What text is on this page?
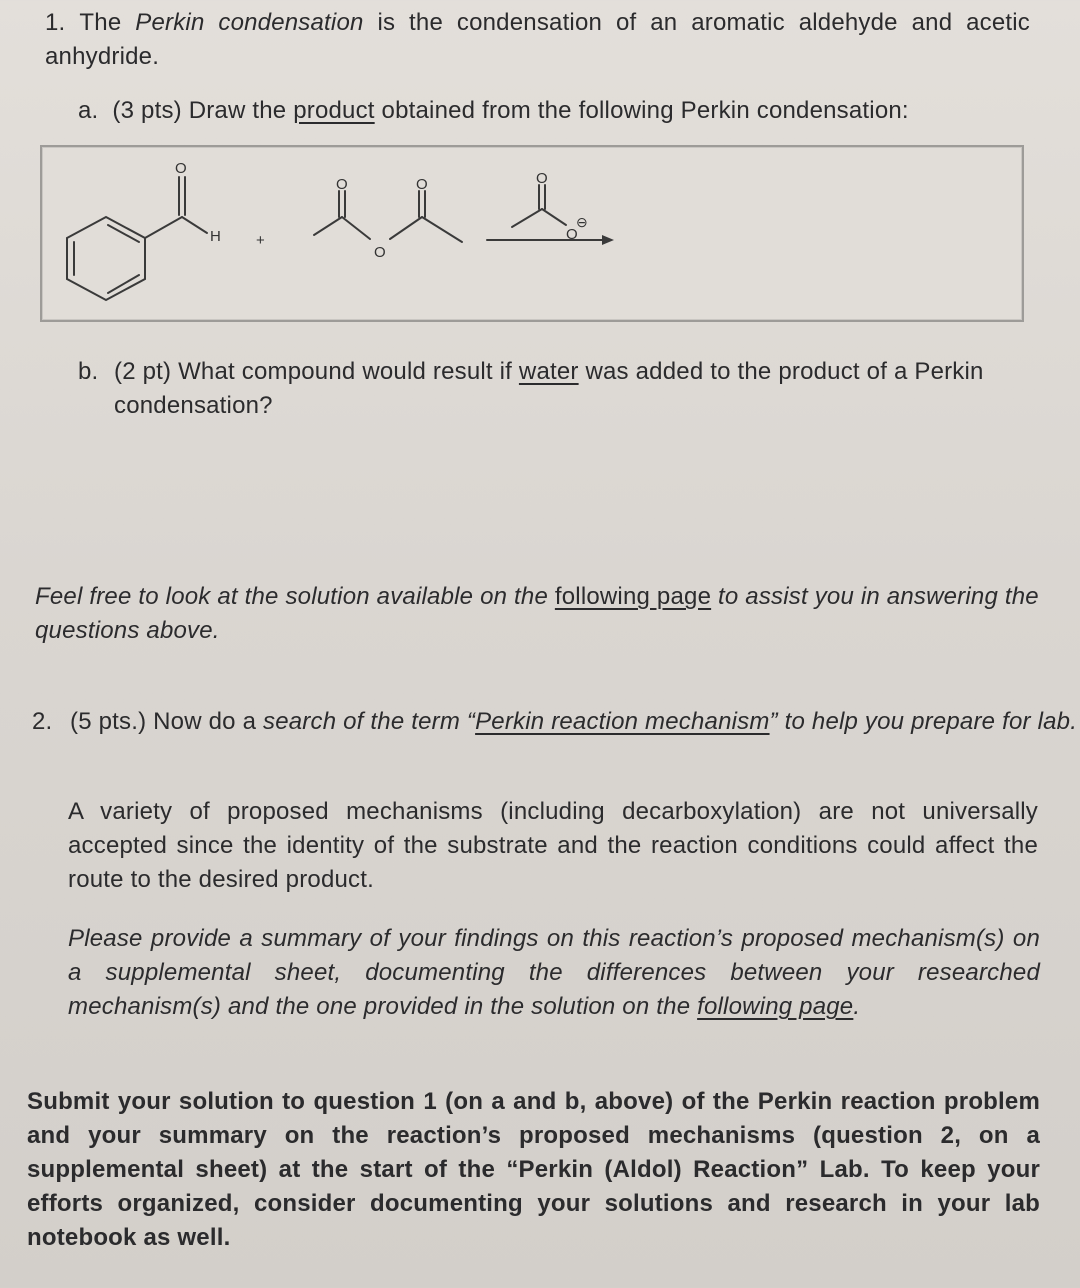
1. The Perkin condensation is the condensation of an aromatic aldehyde and acetic anhydride.
a. (3 pts) Draw the product obtained from the following Perkin condensation:
O
H +
O	O
O
O
O
⊖
b. (2 pt) What compound would result if water was added to the product of a Perkin condensation?
Feel free to look at the solution available on the following page to assist you in answering the questions above.
2. (5 pts.) Now do a search of the term “Perkin reaction mechanism” to help you prepare for lab.
A variety of proposed mechanisms (including decarboxylation) are not universally accepted since the identity of the substrate and the reaction conditions could affect the route to the desired product.
Please provide a summary of your findings on this reaction’s proposed mechanism(s) on a supplemental sheet, documenting the differences between your researched mechanism(s) and the one provided in the solution on the following page.
Submit your solution to question 1 (on a and b, above) of the Perkin reaction problem and your summary on the reaction’s proposed mechanisms (question 2, on a supplemental sheet) at the start of the “Perkin (Aldol) Reaction” Lab. To keep your efforts organized, consider documenting your solutions and research in your lab notebook as well.
